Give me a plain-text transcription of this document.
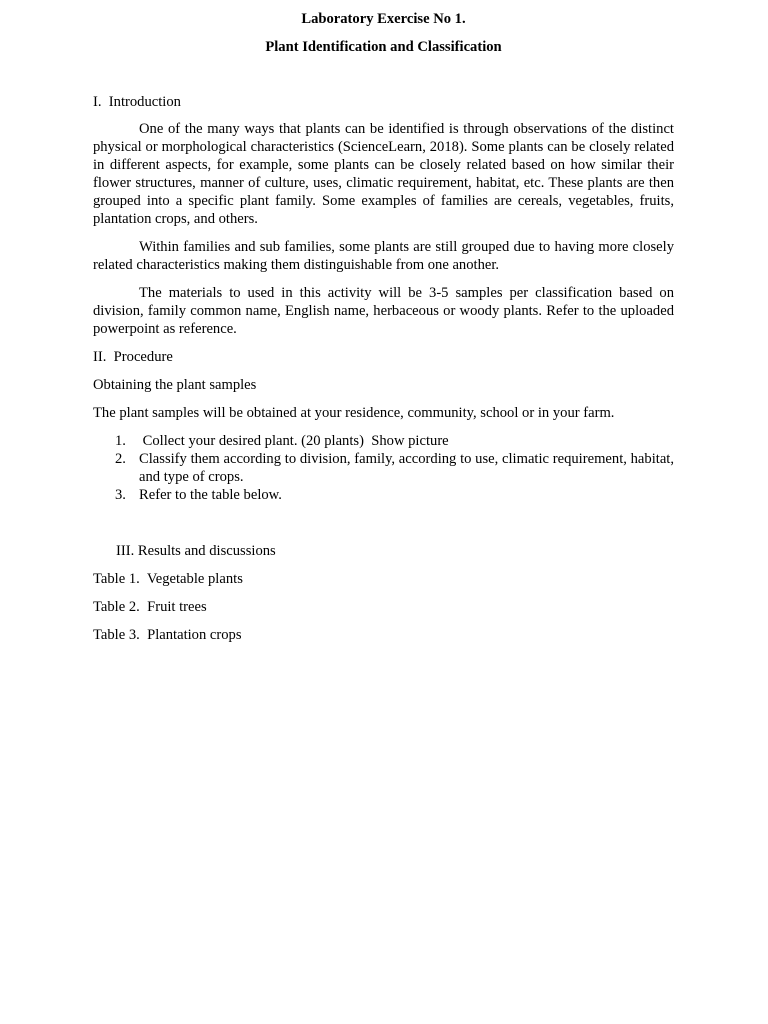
Laboratory Exercise No 1.

Plant Identification and Classification

I.  Introduction

One of the many ways that plants can be identified is through observations of the distinct physical or morphological characteristics (ScienceLearn, 2018). Some plants can be closely related in different aspects, for example, some plants can be closely related based on how similar their flower structures, manner of culture, uses, climatic requirement, habitat, etc. These plants are then grouped into a specific plant family. Some examples of families are cereals, vegetables, fruits, plantation crops, and others.

Within families and sub families, some plants are still grouped due to having more closely related characteristics making them distinguishable from one another.

The materials to used in this activity will be 3-5 samples per classification based on division, family common name, English name, herbaceous or woody plants. Refer to the uploaded powerpoint as reference.

II.  Procedure

Obtaining the plant samples

The plant samples will be obtained at your residence, community, school or in your farm.

1. Collect your desired plant. (20 plants)  Show picture
2. Classify them according to division, family, according to use, climatic requirement, habitat, and type of crops.
3. Refer to the table below.

III. Results and discussions

Table 1.  Vegetable plants

Table 2.  Fruit trees

Table 3.  Plantation crops
